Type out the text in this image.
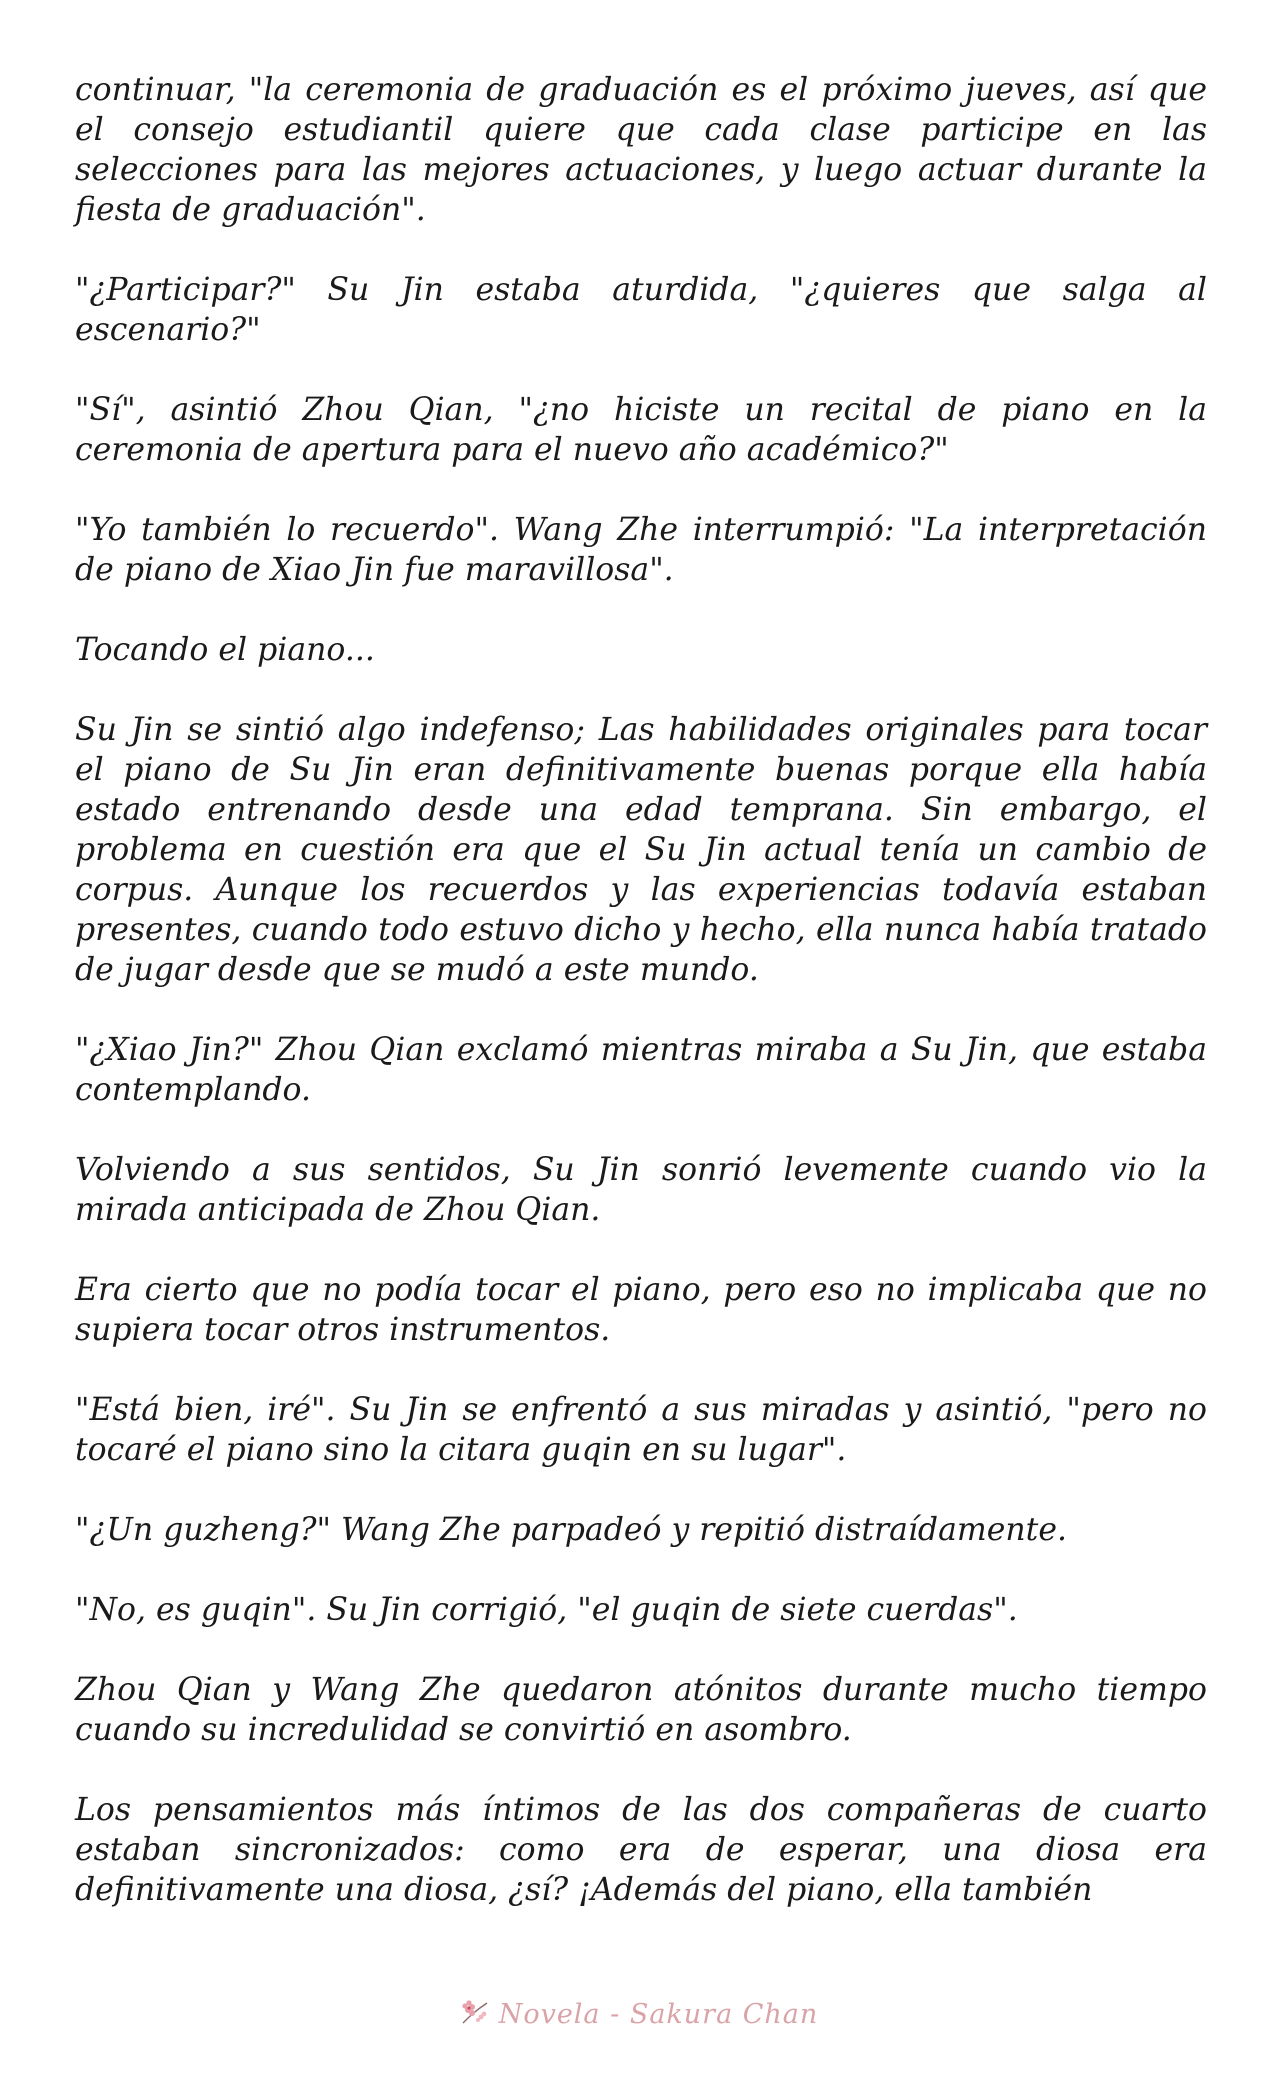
continuar, "la ceremonia de graduación es el próximo jueves, así que el consejo estudiantil quiere que cada clase participe en las selecciones para las mejores actuaciones, y luego actuar durante la fiesta de graduación".

"¿Participar?" Su Jin estaba aturdida, "¿quieres que salga al escenario?"

"Sí", asintió Zhou Qian, "¿no hiciste un recital de piano en la ceremonia de apertura para el nuevo año académico?"

"Yo también lo recuerdo". Wang Zhe interrumpió: "La interpretación de piano de Xiao Jin fue maravillosa".

Tocando el piano...

Su Jin se sintió algo indefenso; Las habilidades originales para tocar el piano de Su Jin eran definitivamente buenas porque ella había estado entrenando desde una edad temprana. Sin embargo, el problema en cuestión era que el Su Jin actual tenía un cambio de corpus. Aunque los recuerdos y las experiencias todavía estaban presentes, cuando todo estuvo dicho y hecho, ella nunca había tratado de jugar desde que se mudó a este mundo.

"¿Xiao Jin?" Zhou Qian exclamó mientras miraba a Su Jin, que estaba contemplando.

Volviendo a sus sentidos, Su Jin sonrió levemente cuando vio la mirada anticipada de Zhou Qian.

Era cierto que no podía tocar el piano, pero eso no implicaba que no supiera tocar otros instrumentos.

"Está bien, iré". Su Jin se enfrentó a sus miradas y asintió, "pero no tocaré el piano sino la citara guqin en su lugar".

"¿Un guzheng?" Wang Zhe parpadeó y repitió distraídamente.

"No, es guqin". Su Jin corrigió, "el guqin de siete cuerdas".

Zhou Qian y Wang Zhe quedaron atónitos durante mucho tiempo cuando su incredulidad se convirtió en asombro.

Los pensamientos más íntimos de las dos compañeras de cuarto estaban sincronizados: como era de esperar, una diosa era definitivamente una diosa, ¿sí? ¡Además del piano, ella también

Novela - Sakura Chan
